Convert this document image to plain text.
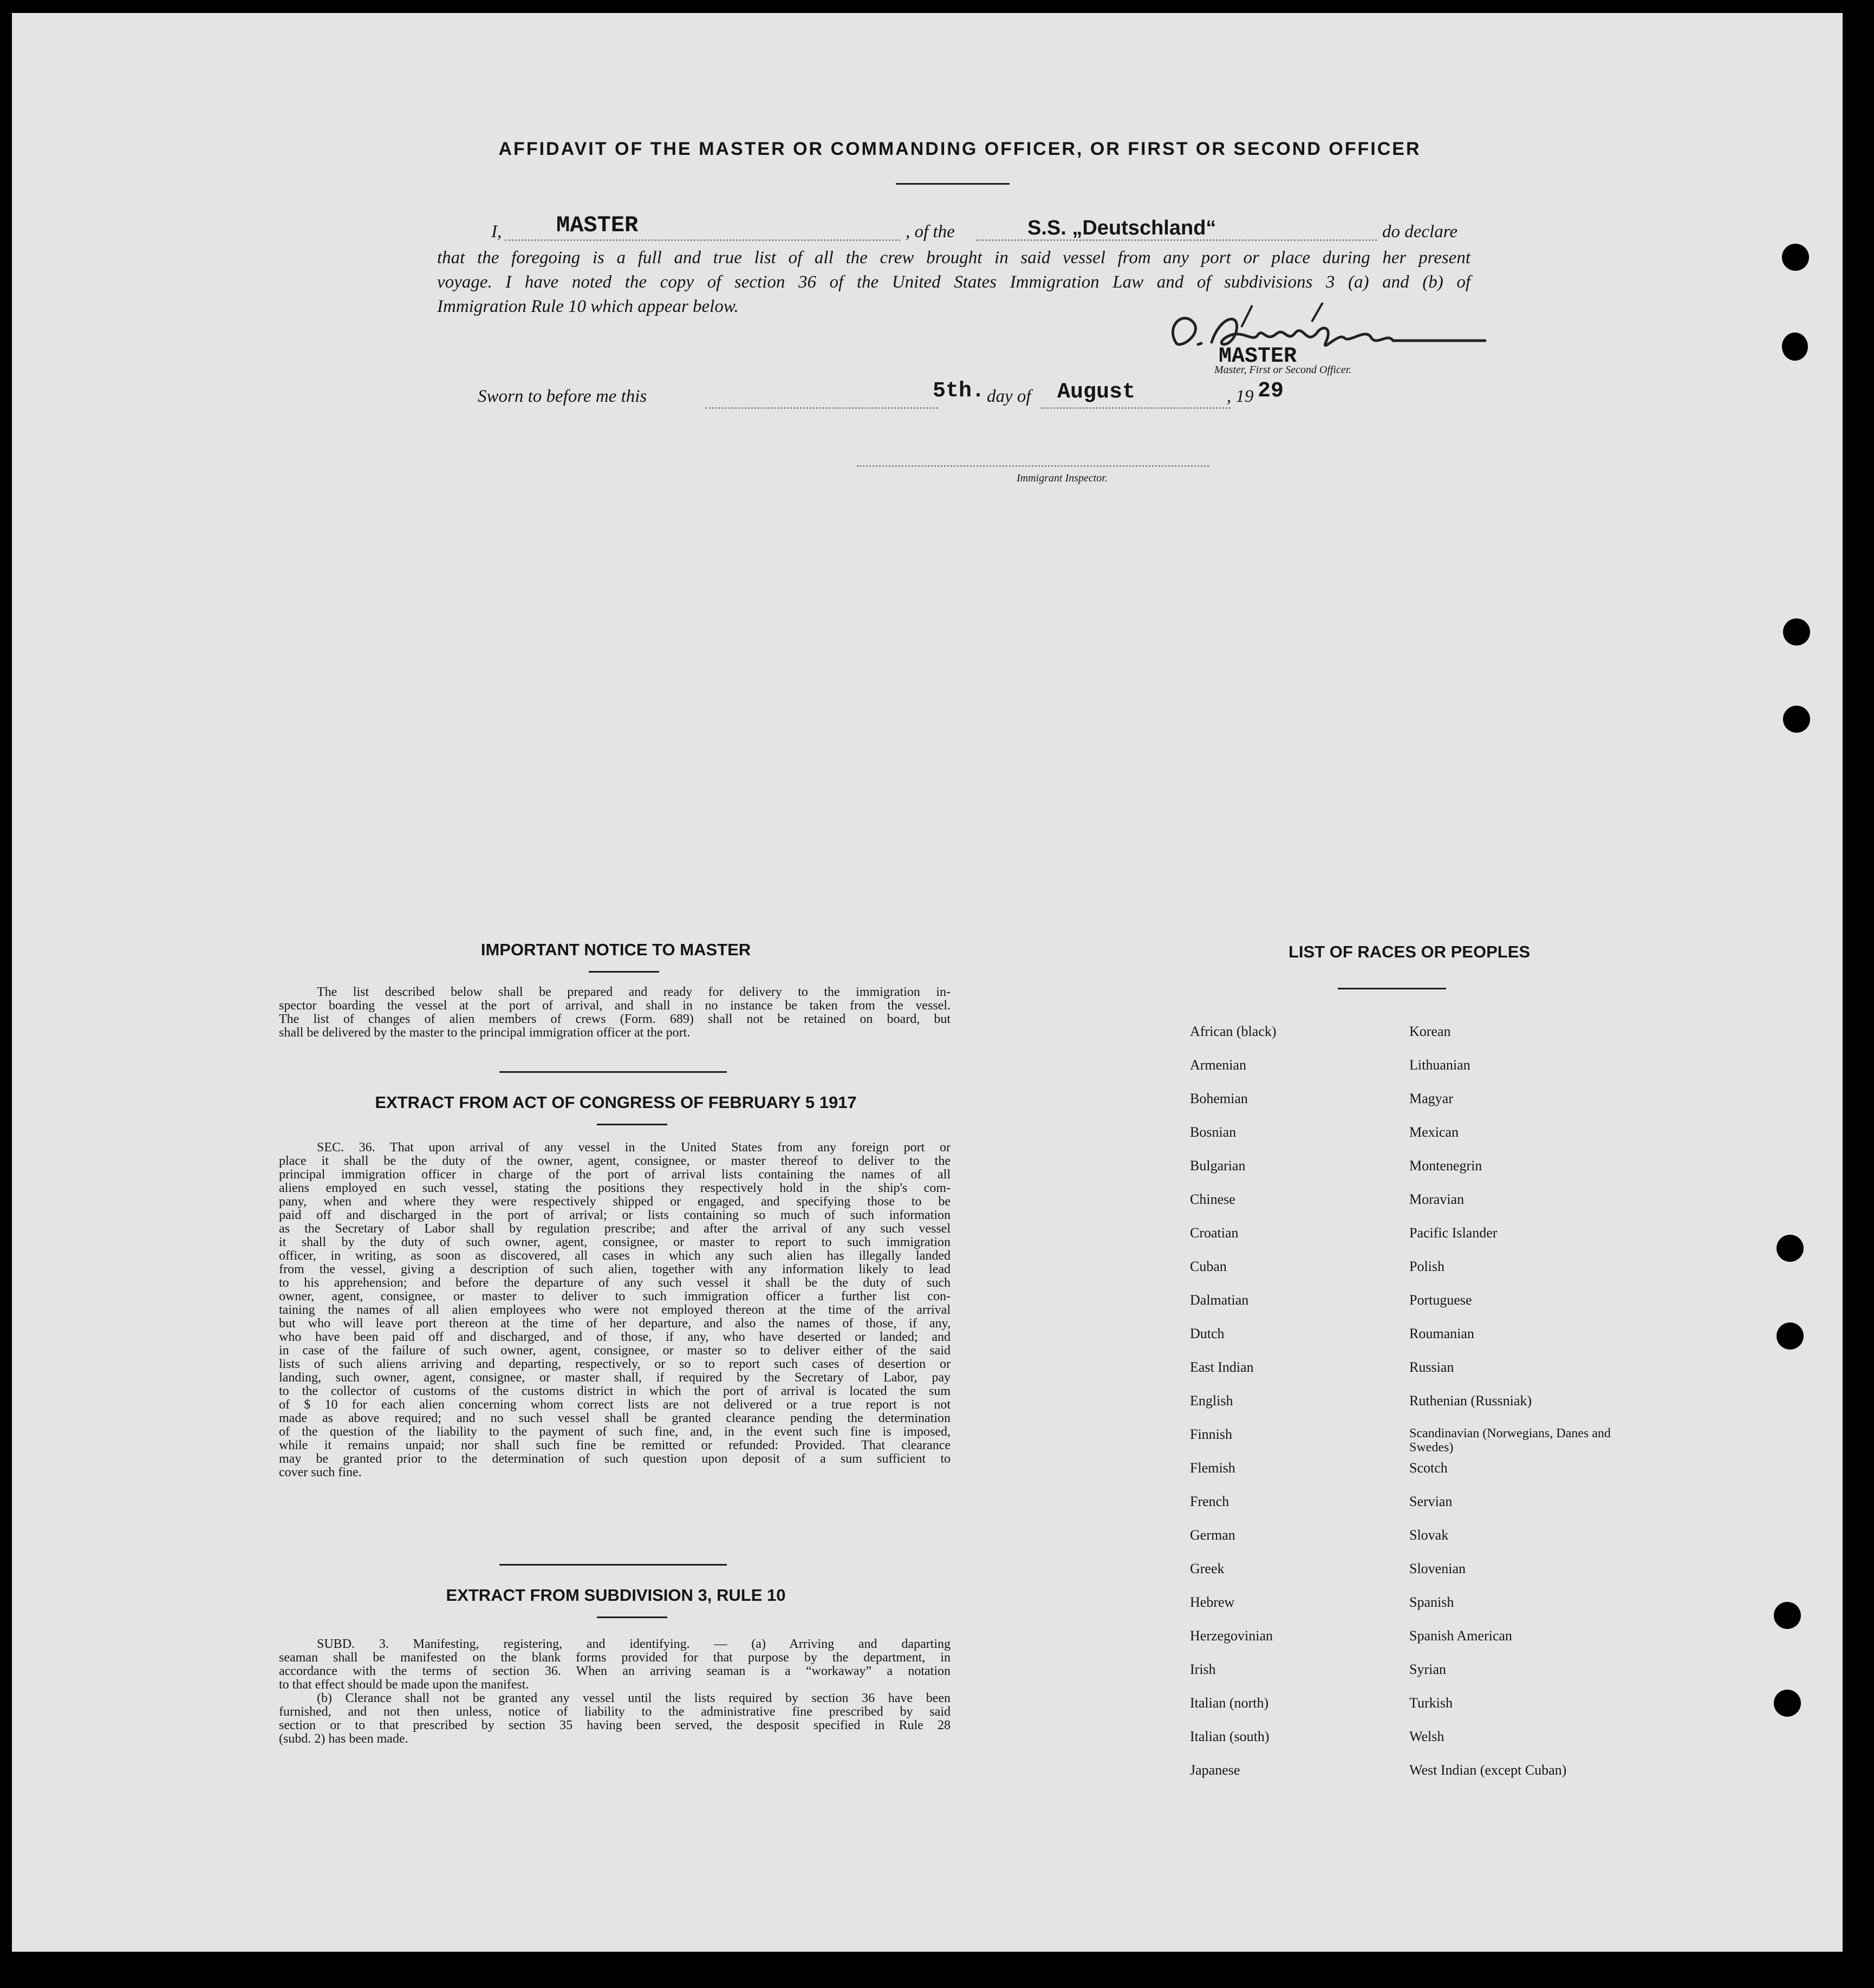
AFFIDAVIT OF THE MASTER OR COMMANDING OFFICER, OR FIRST OR SECOND OFFICER
I, MASTER	, of the	S.S. „Deutschland“	do declare
that the foregoing is a full and true list of all the crew brought in said vessel from any port or place during her present
voyage. I have noted the copy of section 36 of the United States Immigration Law and of subdivisions 3 (a) and (b) of
Immigration Rule 10 which appear below.
MASTER
Master, First or Second Officer.
Sworn to before me this	5th. day of August	, 19 29
Immigrant Inspector.
IMPORTANT NOTICE TO MASTER
The list described below shall be prepared and ready for delivery to the immigration in-
spector boarding the vessel at the port of arrival, and shall in no instance be taken from the vessel.
The list of changes of alien members of crews (Form. 689) shall not be retained on board, but
shall be delivered by the master to the principal immigration officer at the port.
EXTRACT FROM ACT OF CONGRESS OF FEBRUARY 5 1917
SEC. 36. That upon arrival of any vessel in the United States from any foreign port or
place it shall be the duty of the owner, agent, consignee, or master thereof to deliver to the
principal immigration officer in charge of the port of arrival lists containing the names of all
aliens employed en such vessel, stating the positions they respectively hold in the ship's com-
pany, when and where they were respectively shipped or engaged, and specifying those to be
paid off and discharged in the port of arrival; or lists containing so much of such information
as the Secretary of Labor shall by regulation prescribe; and after the arrival of any such vessel
it shall by the duty of such owner, agent, consignee, or master to report to such immigration
officer, in writing, as soon as discovered, all cases in which any such alien has illegally landed
from the vessel, giving a description of such alien, together with any information likely to lead
to his apprehension; and before the departure of any such vessel it shall be the duty of such
owner, agent, consignee, or master to deliver to such immigration officer a further list con-
taining the names of all alien employees who were not employed thereon at the time of the arrival
but who will leave port thereon at the time of her departure, and also the names of those, if any,
who have been paid off and discharged, and of those, if any, who have deserted or landed; and
in case of the failure of such owner, agent, consignee, or master so to deliver either of the said
lists of such aliens arriving and departing, respectively, or so to report such cases of desertion or
landing, such owner, agent, consignee, or master shall, if required by the Secretary of Labor, pay
to the collector of customs of the customs district in which the port of arrival is located the sum
of $ 10 for each alien concerning whom correct lists are not delivered or a true report is not
made as above required; and no such vessel shall be granted clearance pending the determination
of the question of the liability to the payment of such fine, and, in the event such fine is imposed,
while it remains unpaid; nor shall such fine be remitted or refunded: Provided. That clearance
may be granted prior to the determination of such question upon deposit of a sum sufficient to
cover such fine.
EXTRACT FROM SUBDIVISION 3, RULE 10
SUBD. 3. Manifesting, registering, and identifying. — (a) Arriving and daparting
seaman shall be manifested on the blank forms provided for that purpose by the department, in
accordance with the terms of section 36. When an arriving seaman is a “workaway” a notation
to that effect should be made upon the manifest.
(b) Clerance shall not be granted any vessel until the lists required by section 36 have been
furnished, and not then unless, notice of liability to the administrative fine prescribed by said
section or to that prescribed by section 35 having been served, the desposit specified in Rule 28
(subd. 2) has been made.
LIST OF RACES OR PEOPLES
African (black)
Armenian
Bohemian
Bosnian
Bulgarian
Chinese
Croatian
Cuban
Dalmatian
Dutch
East Indian
English
Finnish
Flemish
French
German
Greek
Hebrew
Herzegovinian
Irish
Italian (north)
Italian (south)
Japanese
Korean
Lithuanian
Magyar
Mexican
Montenegrin
Moravian
Pacific Islander
Polish
Portuguese
Roumanian
Russian
Ruthenian (Russniak)
Scandinavian (Norwegians, Danes and Swedes)
Scotch
Servian
Slovak
Slovenian
Spanish
Spanish American
Syrian
Turkish
Welsh
West Indian (except Cuban)
